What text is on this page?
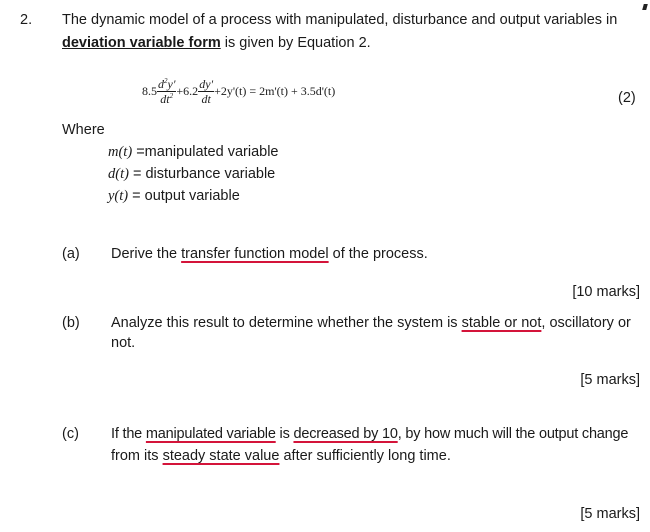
2. The dynamic model of a process with manipulated, disturbance and output variables in
deviation variable form is given by Equation 2.
$8.5 \frac{d^2y'}{dt^2} +6.2 \frac{dy'}{dt} +2y'(t) = 2m'(t) + 3.5d'(t)$	(2)
Where
m(t) =manipulated variable
d(t) = disturbance variable
y(t) = output variable
(a) Derive the transfer function model of the process.
[10 marks]
(b) Analyze this result to determine whether the system is stable or not, oscillatory or
not.
[5 marks]
(c) If the manipulated variable is decreased by 10, by how much will the output change
from its steady state value after sufficiently long time.
[5 marks]
